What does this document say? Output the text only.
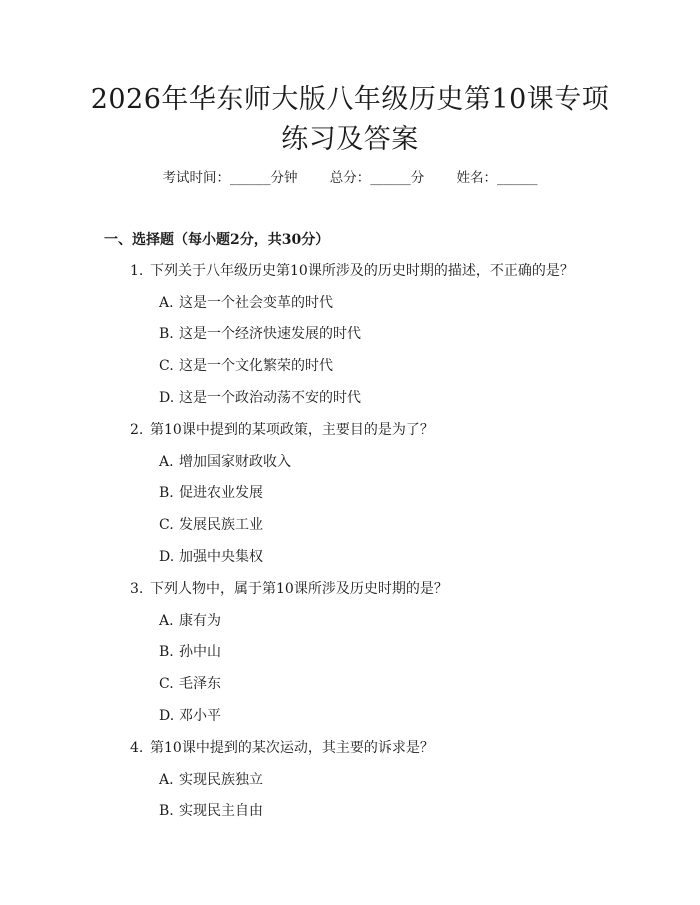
2026年华东师大版八年级历史第10课专项
练习及答案
考试时间：______分钟 总分：______分 姓名：______
一、选择题（每小题2分，共30分）
1. 下列关于八年级历史第10课所涉及的历史时期的描述，不正确的是？
A. 这是一个社会变革的时代
B. 这是一个经济快速发展的时代
C. 这是一个文化繁荣的时代
D. 这是一个政治动荡不安的时代
2. 第10课中提到的某项政策，主要目的是为了？
A. 增加国家财政收入
B. 促进农业发展
C. 发展民族工业
D. 加强中央集权
3. 下列人物中，属于第10课所涉及历史时期的是？
A. 康有为
B. 孙中山
C. 毛泽东
D. 邓小平
4. 第10课中提到的某次运动，其主要的诉求是？
A. 实现民族独立
B. 实现民主自由
